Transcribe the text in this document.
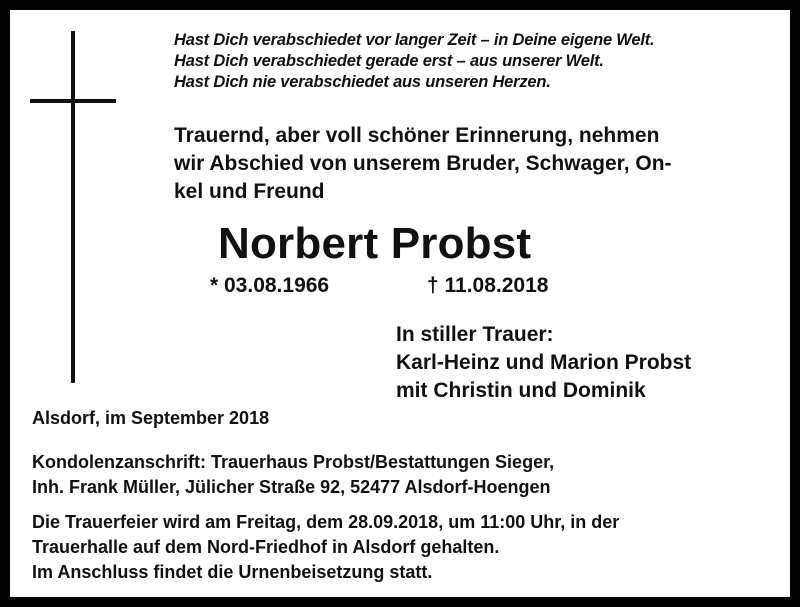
Hast Dich verabschiedet vor langer Zeit – in Deine eigene Welt.
Hast Dich verabschiedet gerade erst – aus unserer Welt.
Hast Dich nie verabschiedet aus unseren Herzen.
Trauernd, aber voll schöner Erinnerung, nehmen
wir Abschied von unserem Bruder, Schwager, On-
kel und Freund
Norbert Probst
* 03.08.1966	† 11.08.2018
In stiller Trauer:
Karl-Heinz und Marion Probst
mit Christin und Dominik
Alsdorf, im September 2018
Kondolenzanschrift: Trauerhaus Probst/Bestattungen Sieger,
Inh. Frank Müller, Jülicher Straße 92, 52477 Alsdorf-Hoengen
Die Trauerfeier wird am Freitag, dem 28.09.2018, um 11:00 Uhr, in der
Trauerhalle auf dem Nord-Friedhof in Alsdorf gehalten.
Im Anschluss findet die Urnenbeisetzung statt.
